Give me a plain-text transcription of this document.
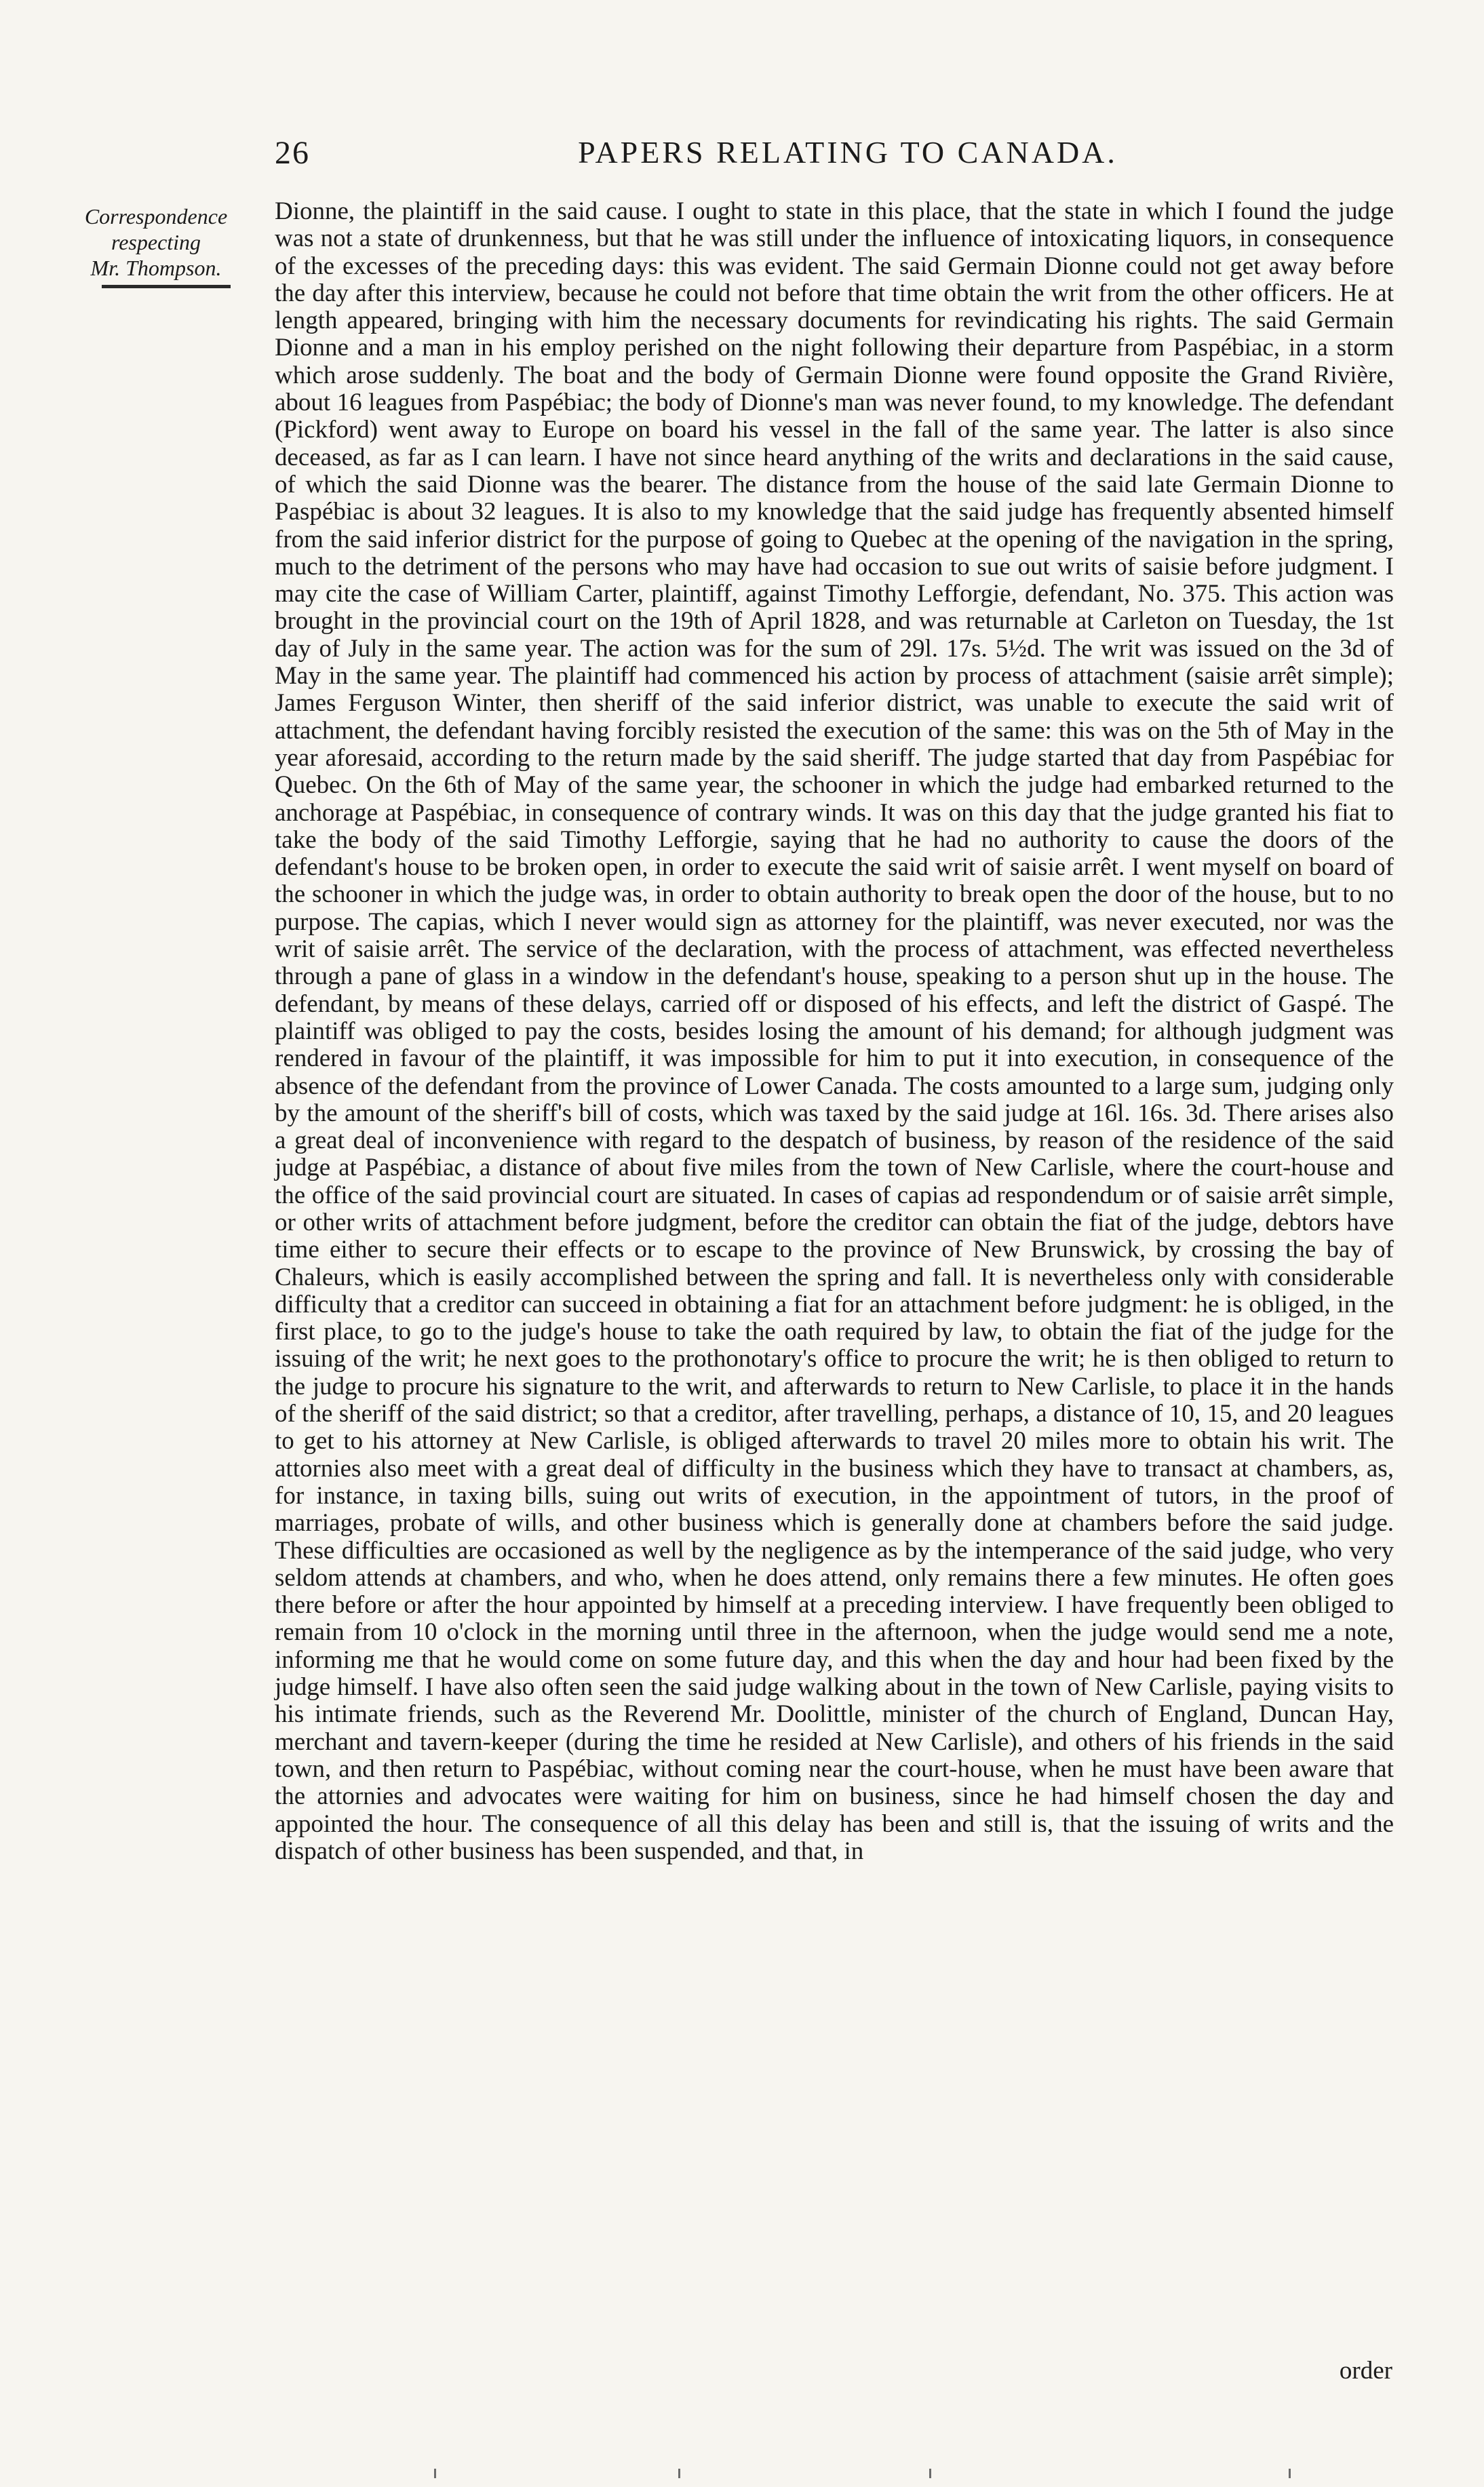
26	PAPERS RELATING TO CANADA.
Correspondence
respecting
Mr. Thompson.
Dionne, the plaintiff in the said cause. I ought to state in this place, that the state in which I found the judge was not a state of drunkenness, but that he was still under the influence of intoxicating liquors, in consequence of the excesses of the preceding days: this was evident. The said Germain Dionne could not get away before the day after this interview, because he could not before that time obtain the writ from the other officers. He at length appeared, bringing with him the necessary documents for revindicating his rights. The said Germain Dionne and a man in his employ perished on the night following their departure from Paspébiac, in a storm which arose suddenly. The boat and the body of Germain Dionne were found opposite the Grand Rivière, about 16 leagues from Paspébiac; the body of Dionne's man was never found, to my knowledge. The defendant (Pickford) went away to Europe on board his vessel in the fall of the same year. The latter is also since deceased, as far as I can learn. I have not since heard anything of the writs and declarations in the said cause, of which the said Dionne was the bearer. The distance from the house of the said late Germain Dionne to Paspébiac is about 32 leagues. It is also to my knowledge that the said judge has frequently absented himself from the said inferior district for the purpose of going to Quebec at the opening of the navigation in the spring, much to the detriment of the persons who may have had occasion to sue out writs of saisie before judgment. I may cite the case of William Carter, plaintiff, against Timothy Lefforgie, defendant, No. 375. This action was brought in the provincial court on the 19th of April 1828, and was returnable at Carleton on Tuesday, the 1st day of July in the same year. The action was for the sum of 29l. 17s. 5½d. The writ was issued on the 3d of May in the same year. The plaintiff had commenced his action by process of attachment (saisie arrêt simple); James Ferguson Winter, then sheriff of the said inferior district, was unable to execute the said writ of attachment, the defendant having forcibly resisted the execution of the same: this was on the 5th of May in the year aforesaid, according to the return made by the said sheriff. The judge started that day from Paspébiac for Quebec. On the 6th of May of the same year, the schooner in which the judge had embarked returned to the anchorage at Paspébiac, in consequence of contrary winds. It was on this day that the judge granted his fiat to take the body of the said Timothy Lefforgie, saying that he had no authority to cause the doors of the defendant's house to be broken open, in order to execute the said writ of saisie arrêt. I went myself on board of the schooner in which the judge was, in order to obtain authority to break open the door of the house, but to no purpose. The capias, which I never would sign as attorney for the plaintiff, was never executed, nor was the writ of saisie arrêt. The service of the declaration, with the process of attachment, was effected nevertheless through a pane of glass in a window in the defendant's house, speaking to a person shut up in the house. The defendant, by means of these delays, carried off or disposed of his effects, and left the district of Gaspé. The plaintiff was obliged to pay the costs, besides losing the amount of his demand; for although judgment was rendered in favour of the plaintiff, it was impossible for him to put it into execution, in consequence of the absence of the defendant from the province of Lower Canada. The costs amounted to a large sum, judging only by the amount of the sheriff's bill of costs, which was taxed by the said judge at 16l. 16s. 3d. There arises also a great deal of inconvenience with regard to the despatch of business, by reason of the residence of the said judge at Paspébiac, a distance of about five miles from the town of New Carlisle, where the court-house and the office of the said provincial court are situated. In cases of capias ad respondendum or of saisie arrêt simple, or other writs of attachment before judgment, before the creditor can obtain the fiat of the judge, debtors have time either to secure their effects or to escape to the province of New Brunswick, by crossing the bay of Chaleurs, which is easily accomplished between the spring and fall. It is nevertheless only with considerable difficulty that a creditor can succeed in obtaining a fiat for an attachment before judgment: he is obliged, in the first place, to go to the judge's house to take the oath required by law, to obtain the fiat of the judge for the issuing of the writ; he next goes to the prothonotary's office to procure the writ; he is then obliged to return to the judge to procure his signature to the writ, and afterwards to return to New Carlisle, to place it in the hands of the sheriff of the said district; so that a creditor, after travelling, perhaps, a distance of 10, 15, and 20 leagues to get to his attorney at New Carlisle, is obliged afterwards to travel 20 miles more to obtain his writ. The attornies also meet with a great deal of difficulty in the business which they have to transact at chambers, as, for instance, in taxing bills, suing out writs of execution, in the appointment of tutors, in the proof of marriages, probate of wills, and other business which is generally done at chambers before the said judge. These difficulties are occasioned as well by the negligence as by the intemperance of the said judge, who very seldom attends at chambers, and who, when he does attend, only remains there a few minutes. He often goes there before or after the hour appointed by himself at a preceding interview. I have frequently been obliged to remain from 10 o'clock in the morning until three in the afternoon, when the judge would send me a note, informing me that he would come on some future day, and this when the day and hour had been fixed by the judge himself. I have also often seen the said judge walking about in the town of New Carlisle, paying visits to his intimate friends, such as the Reverend Mr. Doolittle, minister of the church of England, Duncan Hay, merchant and tavern-keeper (during the time he resided at New Carlisle), and others of his friends in the said town, and then return to Paspébiac, without coming near the court-house, when he must have been aware that the attornies and advocates were waiting for him on business, since he had himself chosen the day and appointed the hour. The consequence of all this delay has been and still is, that the issuing of writs and the dispatch of other business has been suspended, and that, in
order
